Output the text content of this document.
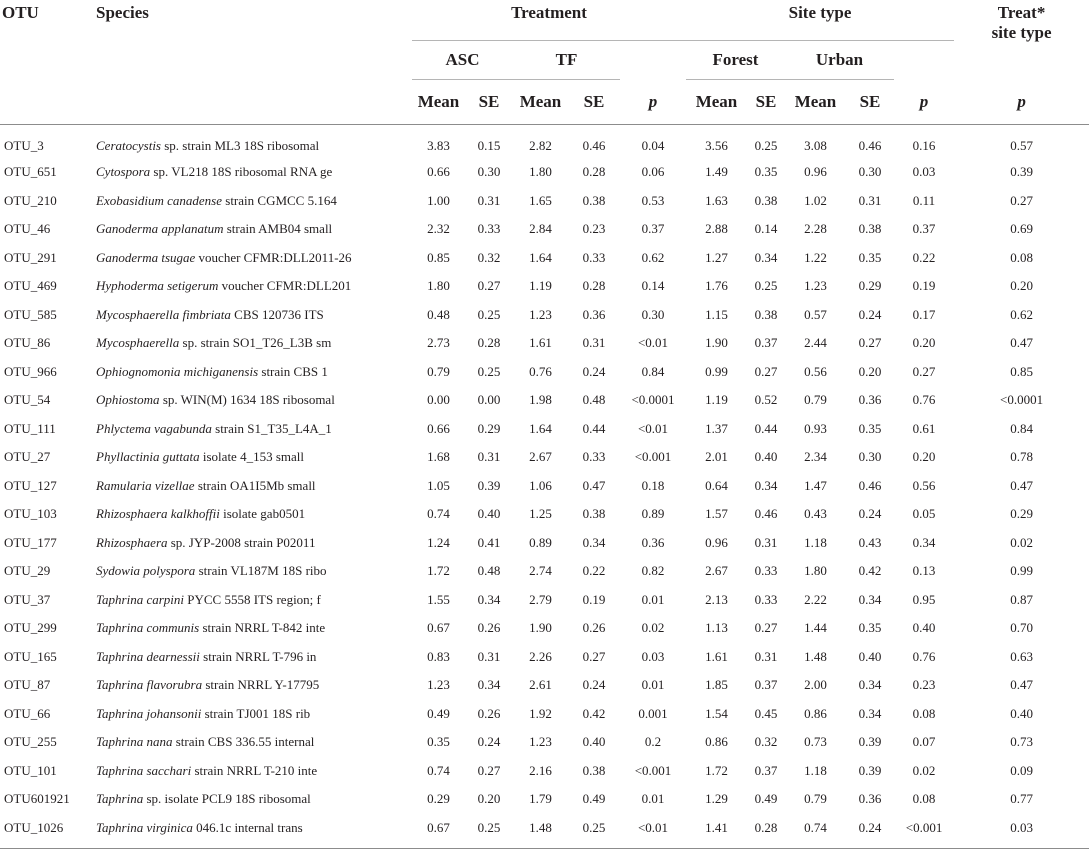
OTU	Species	Treatment					Site type					Treat*
site type

		ASC		TF			Forest		Urban			
		Mean	SE	Mean	SE	p	Mean	SE	Mean	SE	p	p
OTU_3	Ceratocystis sp. strain ML3 18S ribosomal	3.83	0.15	2.82	0.46	0.04	3.56	0.25	3.08	0.46	0.16	0.57
OTU_651	Cytospora sp. VL218 18S ribosomal RNA ge	0.66	0.30	1.80	0.28	0.06	1.49	0.35	0.96	0.30	0.03	0.39
OTU_210	Exobasidium canadense strain CGMCC 5.164	1.00	0.31	1.65	0.38	0.53	1.63	0.38	1.02	0.31	0.11	0.27
OTU_46	Ganoderma applanatum strain AMB04 small	2.32	0.33	2.84	0.23	0.37	2.88	0.14	2.28	0.38	0.37	0.69
OTU_291	Ganoderma tsugae voucher CFMR:DLL2011-26	0.85	0.32	1.64	0.33	0.62	1.27	0.34	1.22	0.35	0.22	0.08
OTU_469	Hyphoderma setigerum voucher CFMR:DLL201	1.80	0.27	1.19	0.28	0.14	1.76	0.25	1.23	0.29	0.19	0.20
OTU_585	Mycosphaerella fimbriata CBS 120736 ITS	0.48	0.25	1.23	0.36	0.30	1.15	0.38	0.57	0.24	0.17	0.62
OTU_86	Mycosphaerella sp. strain SO1_T26_L3B sm	2.73	0.28	1.61	0.31	<0.01	1.90	0.37	2.44	0.27	0.20	0.47
OTU_966	Ophiognomonia michiganensis strain CBS 1	0.79	0.25	0.76	0.24	0.84	0.99	0.27	0.56	0.20	0.27	0.85
OTU_54	Ophiostoma sp. WIN(M) 1634 18S ribosomal	0.00	0.00	1.98	0.48	<0.0001	1.19	0.52	0.79	0.36	0.76	<0.0001
OTU_111	Phlyctema vagabunda strain S1_T35_L4A_1	0.66	0.29	1.64	0.44	<0.01	1.37	0.44	0.93	0.35	0.61	0.84
OTU_27	Phyllactinia guttata isolate 4_153 small	1.68	0.31	2.67	0.33	<0.001	2.01	0.40	2.34	0.30	0.20	0.78
OTU_127	Ramularia vizellae strain OA1I5Mb small	1.05	0.39	1.06	0.47	0.18	0.64	0.34	1.47	0.46	0.56	0.47
OTU_103	Rhizosphaera kalkhoffii isolate gab0501	0.74	0.40	1.25	0.38	0.89	1.57	0.46	0.43	0.24	0.05	0.29
OTU_177	Rhizosphaera sp. JYP-2008 strain P02011	1.24	0.41	0.89	0.34	0.36	0.96	0.31	1.18	0.43	0.34	0.02
OTU_29	Sydowia polyspora strain VL187M 18S ribo	1.72	0.48	2.74	0.22	0.82	2.67	0.33	1.80	0.42	0.13	0.99
OTU_37	Taphrina carpini PYCC 5558 ITS region; f	1.55	0.34	2.79	0.19	0.01	2.13	0.33	2.22	0.34	0.95	0.87
OTU_299	Taphrina communis strain NRRL T-842 inte	0.67	0.26	1.90	0.26	0.02	1.13	0.27	1.44	0.35	0.40	0.70
OTU_165	Taphrina dearnessii strain NRRL T-796 in	0.83	0.31	2.26	0.27	0.03	1.61	0.31	1.48	0.40	0.76	0.63
OTU_87	Taphrina flavorubra strain NRRL Y-17795	1.23	0.34	2.61	0.24	0.01	1.85	0.37	2.00	0.34	0.23	0.47
OTU_66	Taphrina johansonii strain TJ001 18S rib	0.49	0.26	1.92	0.42	0.001	1.54	0.45	0.86	0.34	0.08	0.40
OTU_255	Taphrina nana strain CBS 336.55 internal	0.35	0.24	1.23	0.40	0.2	0.86	0.32	0.73	0.39	0.07	0.73
OTU_101	Taphrina sacchari strain NRRL T-210 inte	0.74	0.27	2.16	0.38	<0.001	1.72	0.37	1.18	0.39	0.02	0.09
OTU601921	Taphrina sp. isolate PCL9 18S ribosomal	0.29	0.20	1.79	0.49	0.01	1.29	0.49	0.79	0.36	0.08	0.77
OTU_1026	Taphrina virginica 046.1c internal trans	0.67	0.25	1.48	0.25	<0.01	1.41	0.28	0.74	0.24	<0.001	0.03
